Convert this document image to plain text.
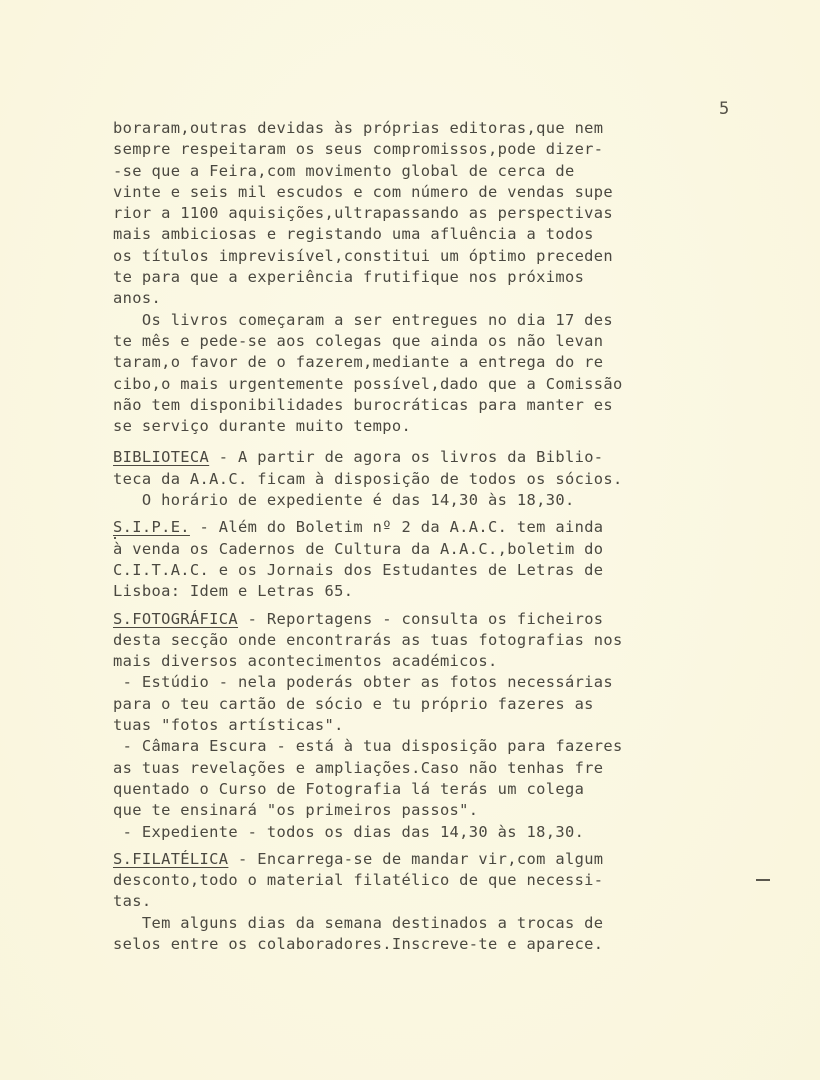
5
boraram,outras devidas às próprias editoras,que nem
sempre respeitaram os seus compromissos,pode dizer-
-se que a Feira,com movimento global de cerca de
vinte e seis mil escudos e com número de vendas supe
rior a 1100 aquisições,ultrapassando as perspectivas
mais ambiciosas e registando uma afluência a todos
os títulos imprevisível,constitui um óptimo preceden
te para que a experiência frutifique nos próximos
anos.
Os livros começaram a ser entregues no dia 17 des
te mês e pede-se aos colegas que ainda os não levan
taram,o favor de o fazerem,mediante a entrega do re
cibo,o mais urgentemente possível,dado que a Comissão
não tem disponibilidades burocráticas para manter es
se serviço durante muito tempo.
BIBLIOTECA - A partir de agora os livros da Biblio-
teca da A.A.C. ficam à disposição de todos os sócios.
O horário de expediente é das 14,30 às 18,30.
S.I.P.E. - Além do Boletim nº 2 da A.A.C. tem ainda
à venda os Cadernos de Cultura da A.A.C.,boletim do
C.I.T.A.C. e os Jornais dos Estudantes de Letras de
Lisboa: Idem e Letras 65.
S.FOTOGRÁFICA - Reportagens - consulta os ficheiros
desta secção onde encontrarás as tuas fotografias nos
mais diversos acontecimentos académicos.
- Estúdio - nela poderás obter as fotos necessárias
para o teu cartão de sócio e tu próprio fazeres as
tuas "fotos artísticas".
- Câmara Escura - está à tua disposição para fazeres
as tuas revelações e ampliações.Caso não tenhas fre
quentado o Curso de Fotografia lá terás um colega
que te ensinará "os primeiros passos".
- Expediente - todos os dias das 14,30 às 18,30.
S.FILATÉLICA - Encarrega-se de mandar vir,com algum
desconto,todo o material filatélico de que necessi-
tas.
Tem alguns dias da semana destinados a trocas de
selos entre os colaboradores.Inscreve-te e aparece.
